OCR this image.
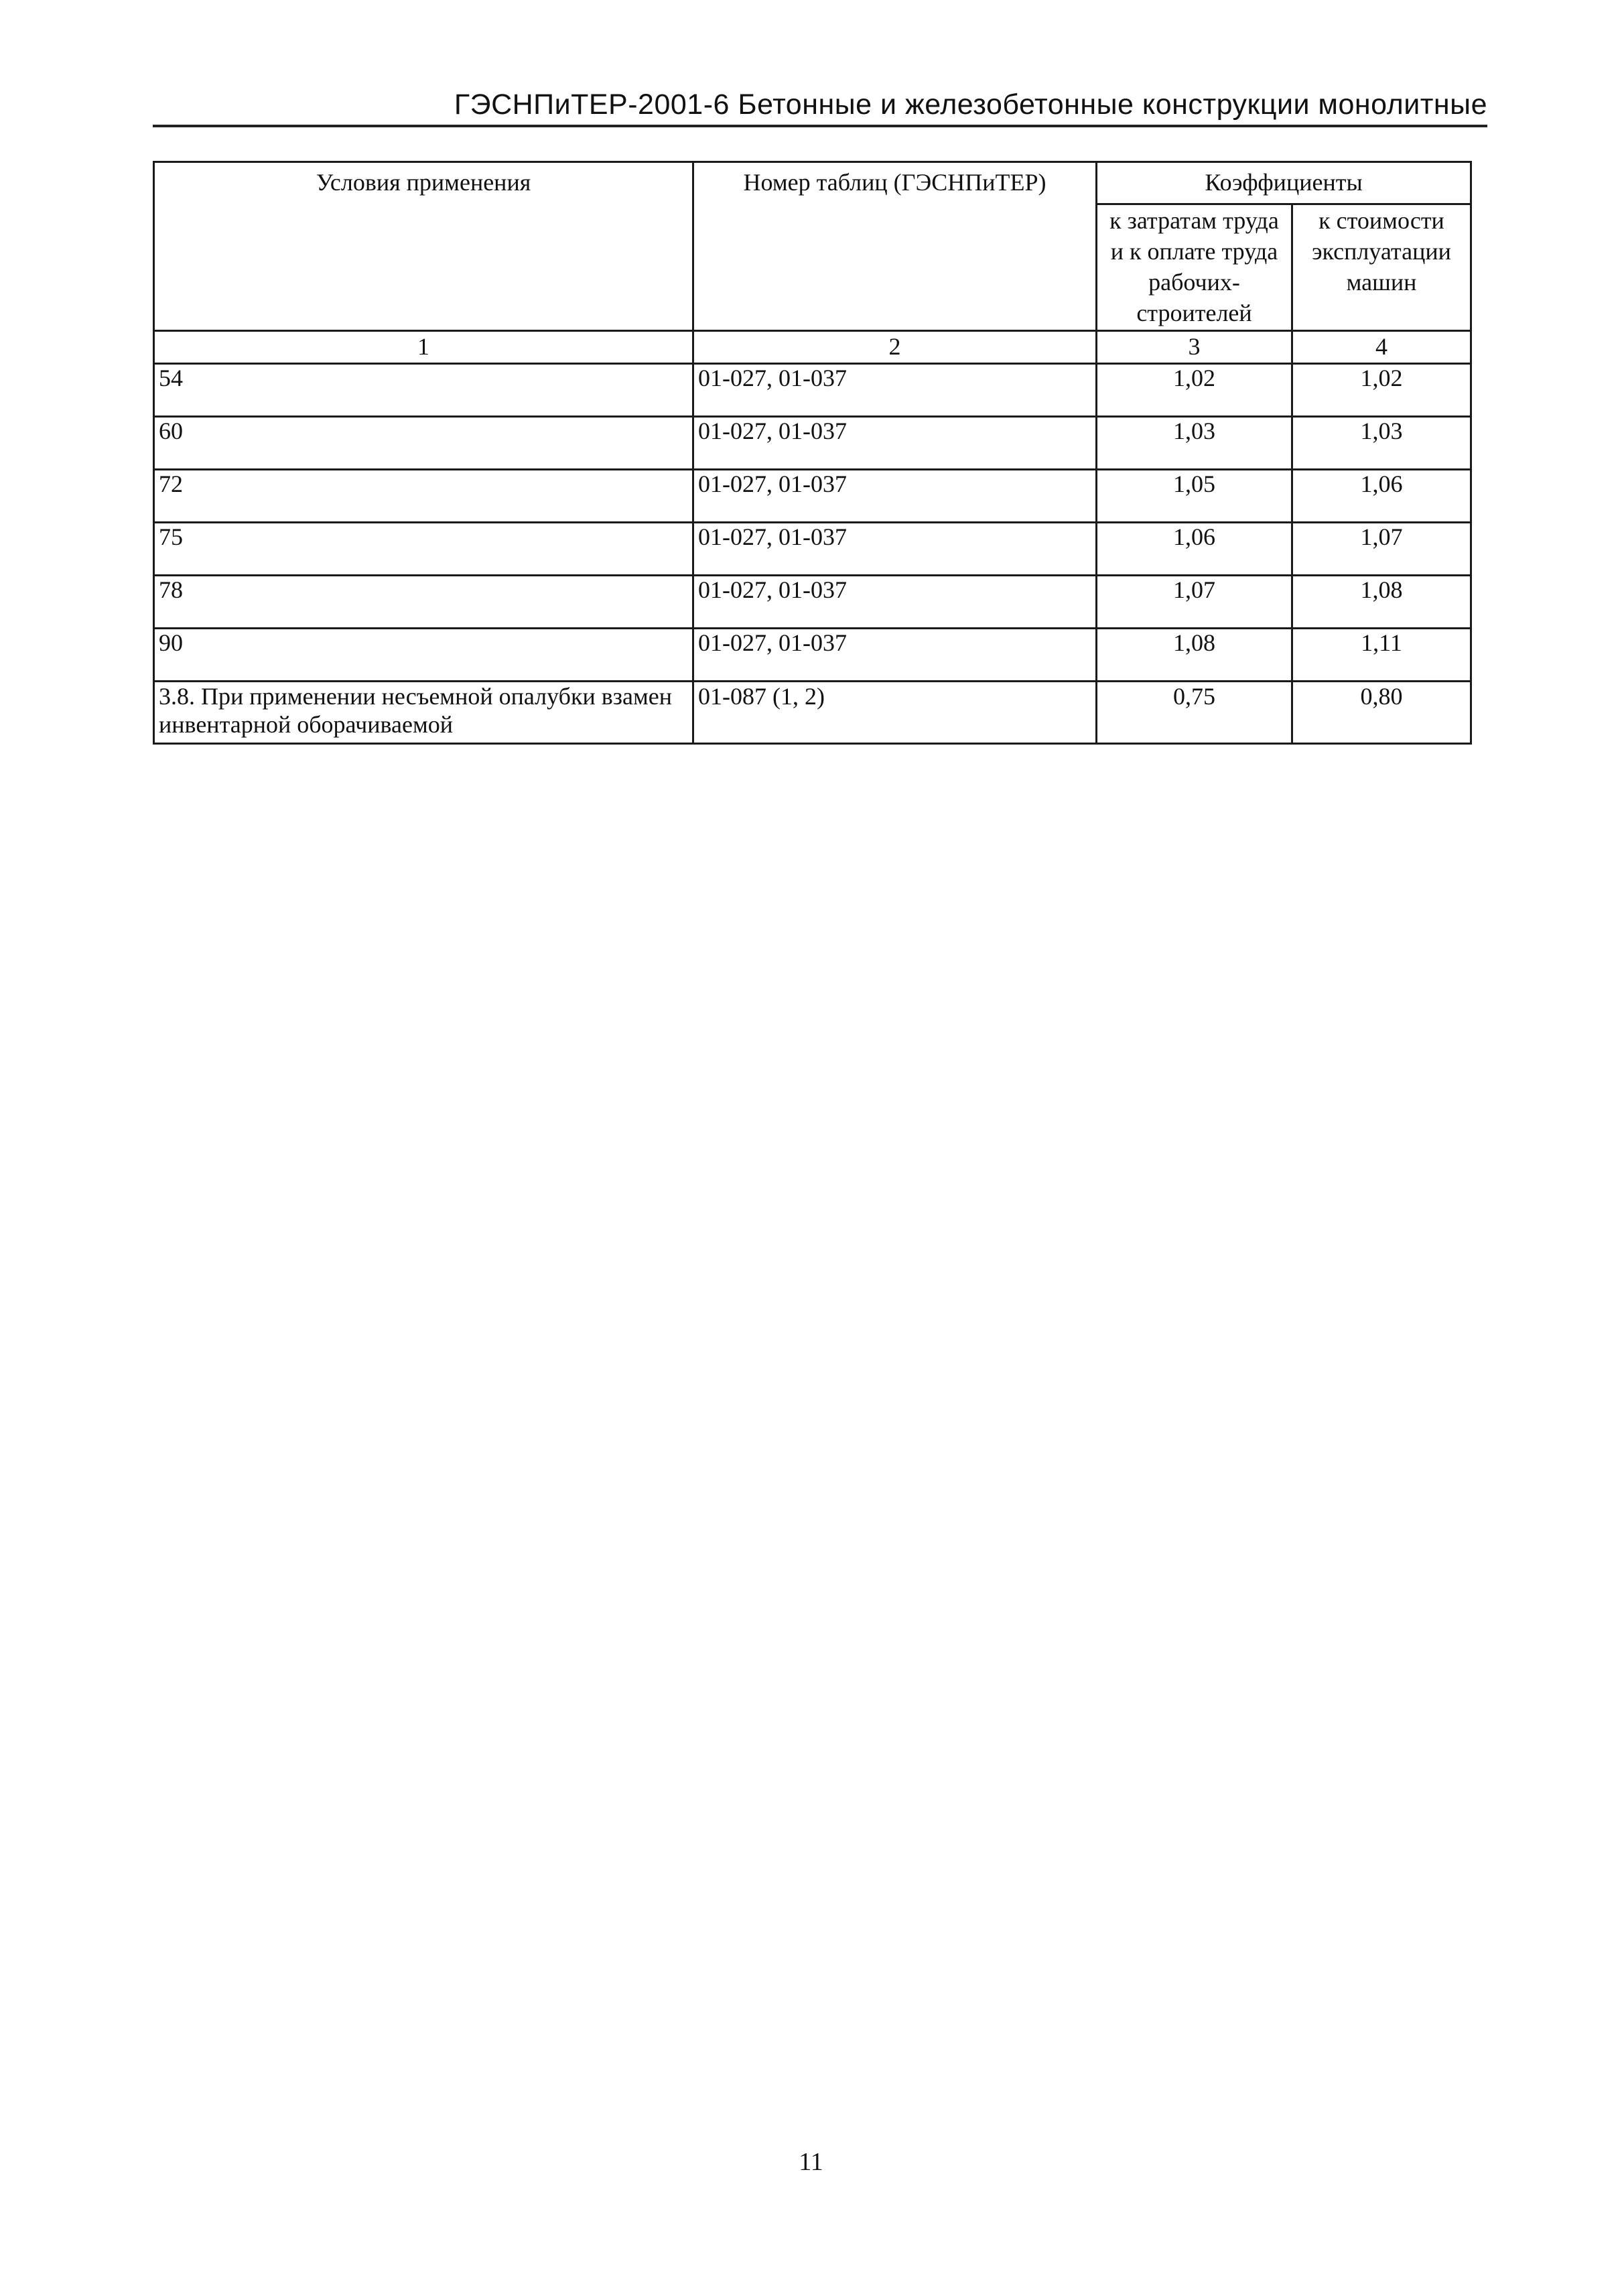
ГЭСНПиТЕР-2001-6 Бетонные и железобетонные конструкции монолитные
Условия применения	Номер таблиц (ГЭСНПиТЕР)	Коэффициенты	
		к затратам труда и к оплате труда рабочих-строителей	к стоимости эксплуатации машин
1	2	3	4
54	01-027, 01-037	1,02	1,02
60	01-027, 01-037	1,03	1,03
72	01-027, 01-037	1,05	1,06
75	01-027, 01-037	1,06	1,07
78	01-027, 01-037	1,07	1,08
90	01-027, 01-037	1,08	1,11
3.8. При применении несъемной опалубки взамен инвентарной оборачиваемой	01-087 (1, 2)	0,75	0,80
11
